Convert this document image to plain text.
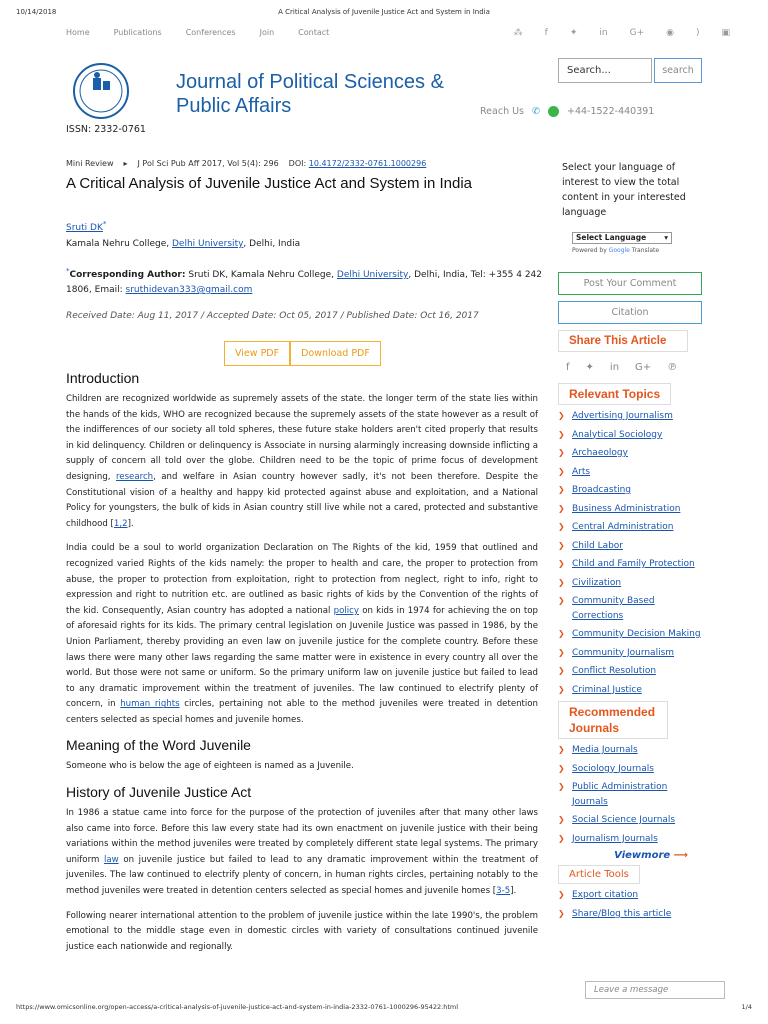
10/14/2018	A Critical Analysis of Juvenile Justice Act and System in India
Home	Publications	Conferences	Join	Contact	⁂ f ✦ in G+ ◉ ) ▣
ISSN: 2332-0761
Journal of Political Sciences &
Public Affairs
Search...	search
Reach Us ✆	+44-1522-440391
Mini Review ▸ J Pol Sci Pub Aff 2017, Vol 5(4): 296 DOI: 10.4172/2332-0761.1000296
A Critical Analysis of Juvenile Justice Act and System in India
Sruti DK*
Kamala Nehru College, Delhi University, Delhi, India
*Corresponding Author: Sruti DK, Kamala Nehru College, Delhi University, Delhi, India, Tel: +355 4 242 1806, Email: sruthidevan333@gmail.com
Received Date: Aug 11, 2017 / Accepted Date: Oct 05, 2017 / Published Date: Oct 16, 2017
View PDF	Download PDF
Introduction

Children are recognized worldwide as supremely assets of the state. the longer term of the state lies within the hands of the kids, WHO are recognized because the supremely assets of the state however as a result of the indifferences of our society all told spheres, these future stake holders aren't cited properly that results in kid delinquency. Children or delinquency is Associate in nursing alarmingly increasing downside inflicting a supply of concern all told over the globe. Children need to be the topic of prime focus of development designing, research, and welfare in Asian country however sadly, it's not been therefore. Despite the Constitutional vision of a healthy and happy kid protected against abuse and exploitation, and a National Policy for youngsters, the bulk of kids in Asian country still live while not a cared, protected and substantive childhood [1,2].

India could be a soul to world organization Declaration on The Rights of the kid, 1959 that outlined and recognized varied Rights of the kids namely: the proper to health and care, the proper to protection from abuse, the proper to protection from exploitation, right to protection from neglect, right to info, right to expression and right to nutrition etc. are outlined as basic rights of kids by the Convention of the rights of the kid. Consequently, Asian country has adopted a national policy on kids in 1974 for achieving the on top of aforesaid rights for its kids. The primary central legislation on Juvenile Justice was passed in 1986, by the Union Parliament, thereby providing an even law on juvenile justice for the complete country. Before these laws there were many other laws regarding the same matter were in existence in every country all over the world. But those were not same or uniform. So the primary uniform law on juvenile justice but failed to lead to any dramatic improvement within the treatment of juveniles. The law continued to electrify plenty of concern, in human rights circles, pertaining not able to the method juveniles were treated in detention centers selected as special homes and juvenile homes.

Meaning of the Word Juvenile

Someone who is below the age of eighteen is named as a Juvenile.

History of Juvenile Justice Act

In 1986 a statue came into force for the purpose of the protection of juveniles after that many other laws also came into force. Before this law every state had its own enactment on juvenile justice with their being variations within the method juveniles were treated by completely different state legal systems. The primary uniform law on juvenile justice but failed to lead to any dramatic improvement within the treatment of juveniles. The law continued to electrify plenty of concern, in human rights circles, pertaining notably to the method juveniles were treated in detention centers selected as special homes and juvenile homes [3-5].

Following nearer international attention to the problem of juvenile justice within the late 1990's, the problem emotional to the middle stage even in domestic circles with variety of consultations continued juvenile justice each nationwide and regionally.

Select your language of interest to view the total content in your interested language
Select Language ▾
Powered by Google Translate
Post Your Comment
Citation
Share This Article
f ✦ in G+ ℗
Relevant Topics
❯ Advertising Journalism
❯ Analytical Sociology
❯ Archaeology
❯ Arts
❯ Broadcasting
❯ Business Administration
❯ Central Administration
❯ Child Labor
❯ Child and Family Protection
❯ Civilization
❯ Community Based Corrections
❯ Community Decision Making
❯ Community Journalism
❯ Conflict Resolution
❯ Criminal Justice
Recommended Journals
❯ Media Journals
❯ Sociology Journals
❯ Public Administration Journals
❯ Social Science Journals
❯ Journalism Journals
Viewmore ⟶
Article Tools
❯ Export citation
❯ Share/Blog this article
Leave a message
https://www.omicsonline.org/open-access/a-critical-analysis-of-juvenile-justice-act-and-system-in-india-2332-0761-1000296-95422.html	1/4
